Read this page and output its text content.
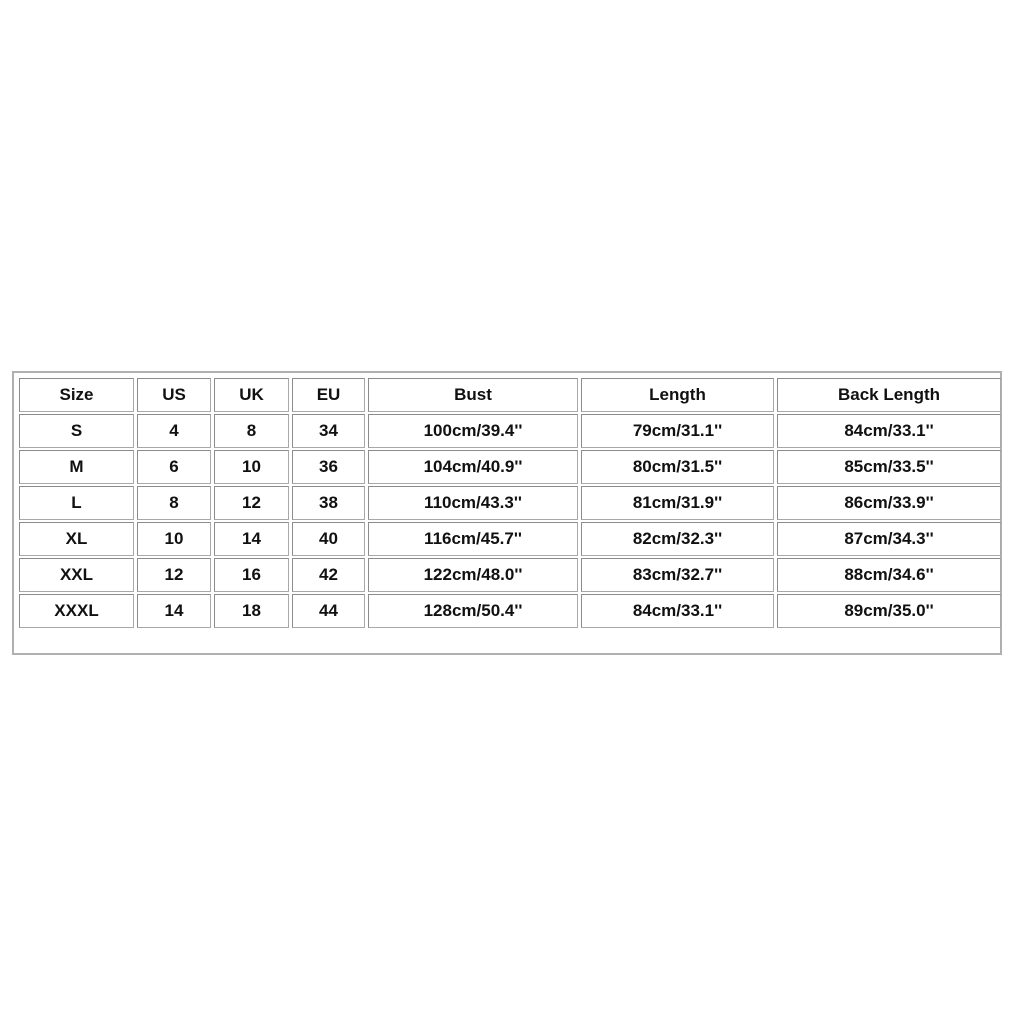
Size	US	UK	EU	Bust	Length	Back Length
S	4	8	34	100cm/39.4''	79cm/31.1''	84cm/33.1''
M	6	10	36	104cm/40.9''	80cm/31.5''	85cm/33.5''
L	8	12	38	110cm/43.3''	81cm/31.9''	86cm/33.9''
XL	10	14	40	116cm/45.7''	82cm/32.3''	87cm/34.3''
XXL	12	16	42	122cm/48.0''	83cm/32.7''	88cm/34.6''
XXXL	14	18	44	128cm/50.4''	84cm/33.1''	89cm/35.0''
